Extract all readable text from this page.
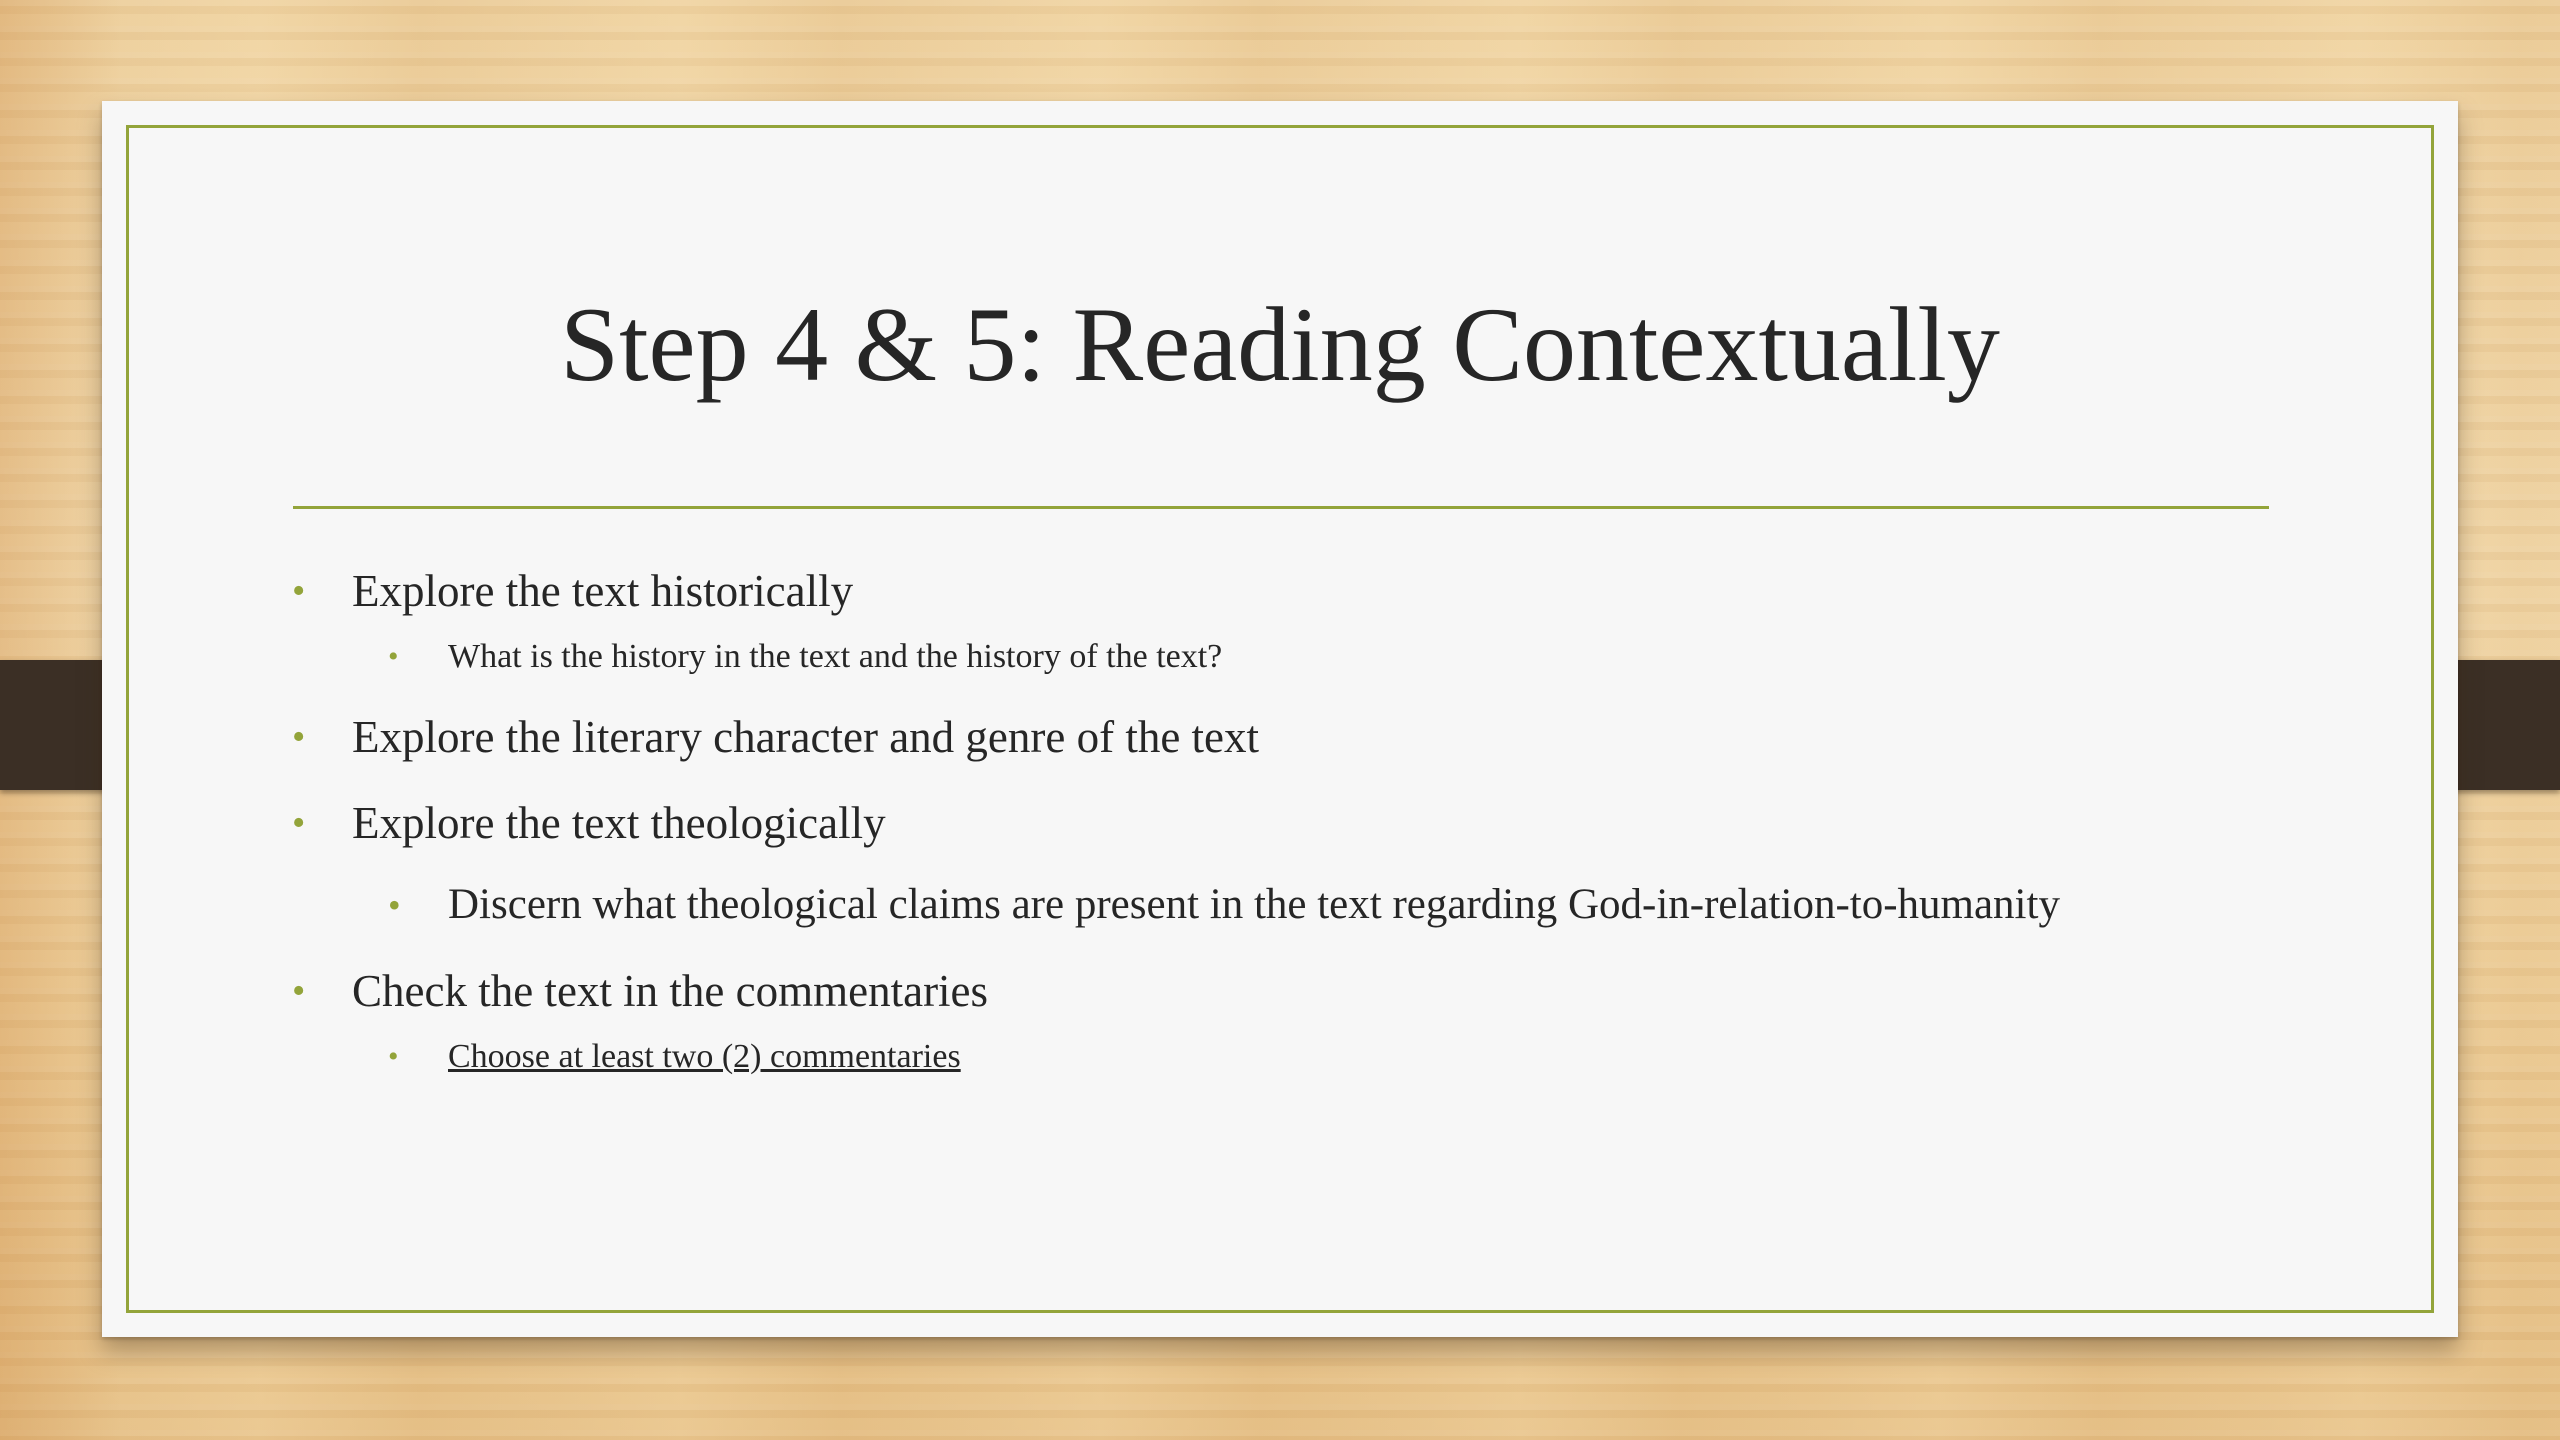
Step 4 & 5: Reading Contextually
• Explore the text historically
• What is the history in the text and the history of the text?
• Explore the literary character and genre of the text
• Explore the text theologically
• Discern what theological claims are present in the text regarding God-in-relation-to-humanity
• Check the text in the commentaries
• Choose at least two (2) commentaries
